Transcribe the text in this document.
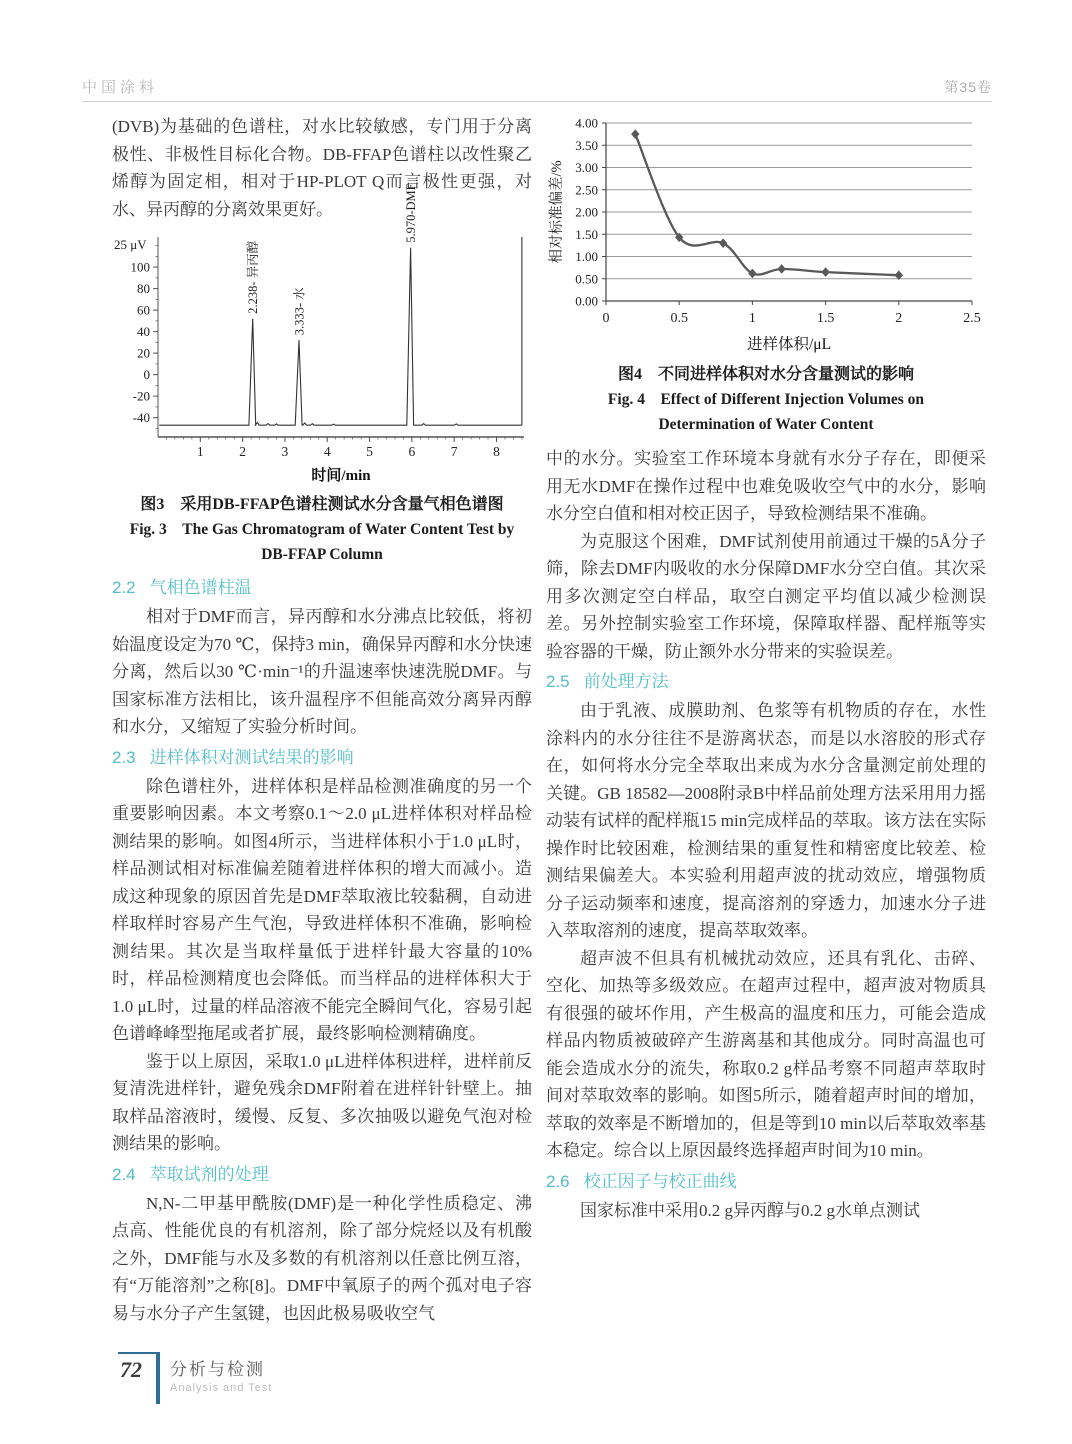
中国涂料	第35卷

(DVB)为基础的色谱柱，对水比较敏感，专门用于分离极性、非极性目标化合物。DB-FFAP色谱柱以改性聚乙烯醇为固定相，相对于HP-PLOT Q而言极性更强，对水、异丙醇的分离效果更好。

25 μV
100
80
60
40
20
0
-20
-40
1	2	3	4	5	6	7	8
时间/min
2.238- 异丙醇	3.333- 水
5.970-DMF
图3　采用DB-FFAP色谱柱测试水分含量气相色谱图
Fig. 3　The Gas Chromatogram of Water Content Test by
DB-FFAP Column
2.2 气相色谱柱温

相对于DMF而言，异丙醇和水分沸点比较低，将初始温度设定为70 ℃，保持3 min，确保异丙醇和水分快速分离，然后以30 ℃·min⁻¹的升温速率快速洗脱DMF。与国家标准方法相比，该升温程序不但能高效分离异丙醇和水分，又缩短了实验分析时间。

2.3 进样体积对测试结果的影响

除色谱柱外，进样体积是样品检测准确度的另一个重要影响因素。本文考察0.1～2.0 μL进样体积对样品检测结果的影响。如图4所示，当进样体积小于1.0 μL时，样品测试相对标准偏差随着进样体积的增大而减小。造成这种现象的原因首先是DMF萃取液比较黏稠，自动进样取样时容易产生气泡，导致进样体积不准确，影响检测结果。其次是当取样量低于进样针最大容量的10%时，样品检测精度也会降低。而当样品的进样体积大于1.0 μL时，过量的样品溶液不能完全瞬间气化，容易引起色谱峰峰型拖尾或者扩展，最终影响检测精确度。

鉴于以上原因，采取1.0 μL进样体积进样，进样前反复清洗进样针，避免残余DMF附着在进样针针壁上。抽取样品溶液时，缓慢、反复、多次抽吸以避免气泡对检测结果的影响。

2.4 萃取试剂的处理

N,N-二甲基甲酰胺(DMF)是一种化学性质稳定、沸点高、性能优良的有机溶剂，除了部分烷烃以及有机酸之外，DMF能与水及多数的有机溶剂以任意比例互溶，有“万能溶剂”之称[8]。DMF中氧原子的两个孤对电子容易与水分子产生氢键，也因此极易吸收空气

0.00
0.50
1.00
1.50
2.00
2.50
3.00
3.50
4.00
0	0.5	1	1.5	2	2.5
相对标准偏差/%
进样体积/μL
图4　不同进样体积对水分含量测试的影响
Fig. 4　Effect of Different Injection Volumes on
Determination of Water Content

中的水分。实验室工作环境本身就有水分子存在，即便采用无水DMF在操作过程中也难免吸收空气中的水分，影响水分空白值和相对校正因子，导致检测结果不准确。

为克服这个困难，DMF试剂使用前通过干燥的5Å分子筛，除去DMF内吸收的水分保障DMF水分空白值。其次采用多次测定空白样品，取空白测定平均值以减少检测误差。另外控制实验室工作环境，保障取样器、配样瓶等实验容器的干燥，防止额外水分带来的实验误差。

2.5 前处理方法

由于乳液、成膜助剂、色浆等有机物质的存在，水性涂料内的水分往往不是游离状态，而是以水溶胶的形式存在，如何将水分完全萃取出来成为水分含量测定前处理的关键。GB 18582—2008附录B中样品前处理方法采用用力摇动装有试样的配样瓶15 min完成样品的萃取。该方法在实际操作时比较困难，检测结果的重复性和精密度比较差、检测结果偏差大。本实验利用超声波的扰动效应，增强物质分子运动频率和速度，提高溶剂的穿透力，加速水分子进入萃取溶剂的速度，提高萃取效率。

超声波不但具有机械扰动效应，还具有乳化、击碎、空化、加热等多级效应。在超声过程中，超声波对物质具有很强的破坏作用，产生极高的温度和压力，可能会造成样品内物质被破碎产生游离基和其他成分。同时高温也可能会造成水分的流失，称取0.2 g样品考察不同超声萃取时间对萃取效率的影响。如图5所示，随着超声时间的增加，萃取的效率是不断增加的，但是等到10 min以后萃取效率基本稳定。综合以上原因最终选择超声时间为10 min。

2.6 校正因子与校正曲线

国家标准中采用0.2 g异丙醇与0.2 g水单点测试

72	分析与检测
Analysis and Test
